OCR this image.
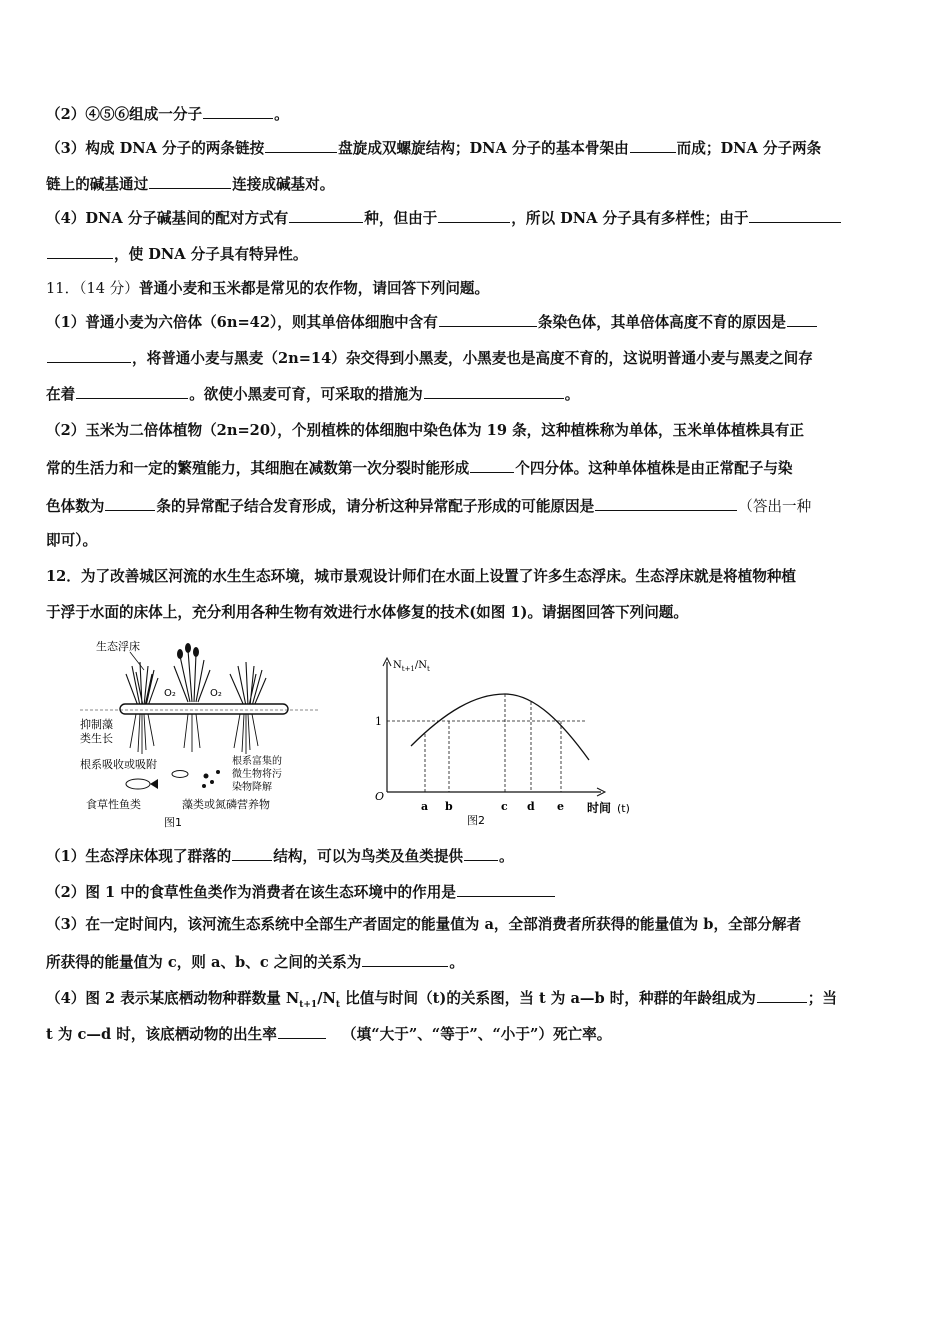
（2）④⑤⑥组成一分子	。
（3）构成 DNA 分子的两条链按	盘旋成双螺旋结构；DNA 分子的基本骨架由	而成；DNA 分子两条
链上的碱基通过	连接成碱基对。
（4）DNA 分子碱基间的配对方式有	种，但由于	，所以 DNA 分子具有多样性；由于
，使 DNA 分子具有特异性。
11．（14 分）普通小麦和玉米都是常见的农作物，请回答下列问题。
（1）普通小麦为六倍体（6n=42），则其单倍体细胞中含有	条染色体，其单倍体高度不育的原因是
，将普通小麦与黑麦（2n=14）杂交得到小黑麦，小黑麦也是高度不育的，这说明普通小麦与黑麦之间存
在着	。欲使小黑麦可育，可采取的措施为	。
（2）玉米为二倍体植物（2n=20），个别植株的体细胞中染色体为 19 条，这种植株称为单体，玉米单体植株具有正
常的生活力和一定的繁殖能力，其细胞在减数第一次分裂时能形成	个四分体。这种单体植株是由正常配子与染
色体数为	条的异常配子结合发育形成，请分析这种异常配子形成的可能原因是	（答出一种
即可）。
12．为了改善城区河流的水生生态环境，城市景观设计师们在水面上设置了许多生态浮床。生态浮床就是将植物种植
于浮于水面的床体上，充分利用各种生物有效进行水体修复的技术(如图 1)。请据图回答下列问题。
生态浮床
O₂	O₂
抑制藻
类生长
根系吸收或吸附	根系富集的
微生物将污
染物降解
食草性鱼类	藻类或氮磷营养物
图1
$N_{t+1}/N_t$
O
1
a b	c d e 时间 (t)
图2
（1）生态浮床体现了群落的	结构，可以为鸟类及鱼类提供 。
（2）图 1 中的食草性鱼类作为消费者在该生态环境中的作用是
（3）在一定时间内，该河流生态系统中全部生产者固定的能量值为 a，全部消费者所获得的能量值为 b，全部分解者
所获得的能量值为 c，则 a、b、c 之间的关系为	。
（4）图 2 表示某底栖动物种群数量 $N_{t+1}/N_t$ 比值与时间（t)的关系图，当 t 为 a—b 时，种群的年龄组成为	；当
t 为 c—d 时，该底栖动物的出生率	（填“大于”、“等于”、“小于”）死亡率。
